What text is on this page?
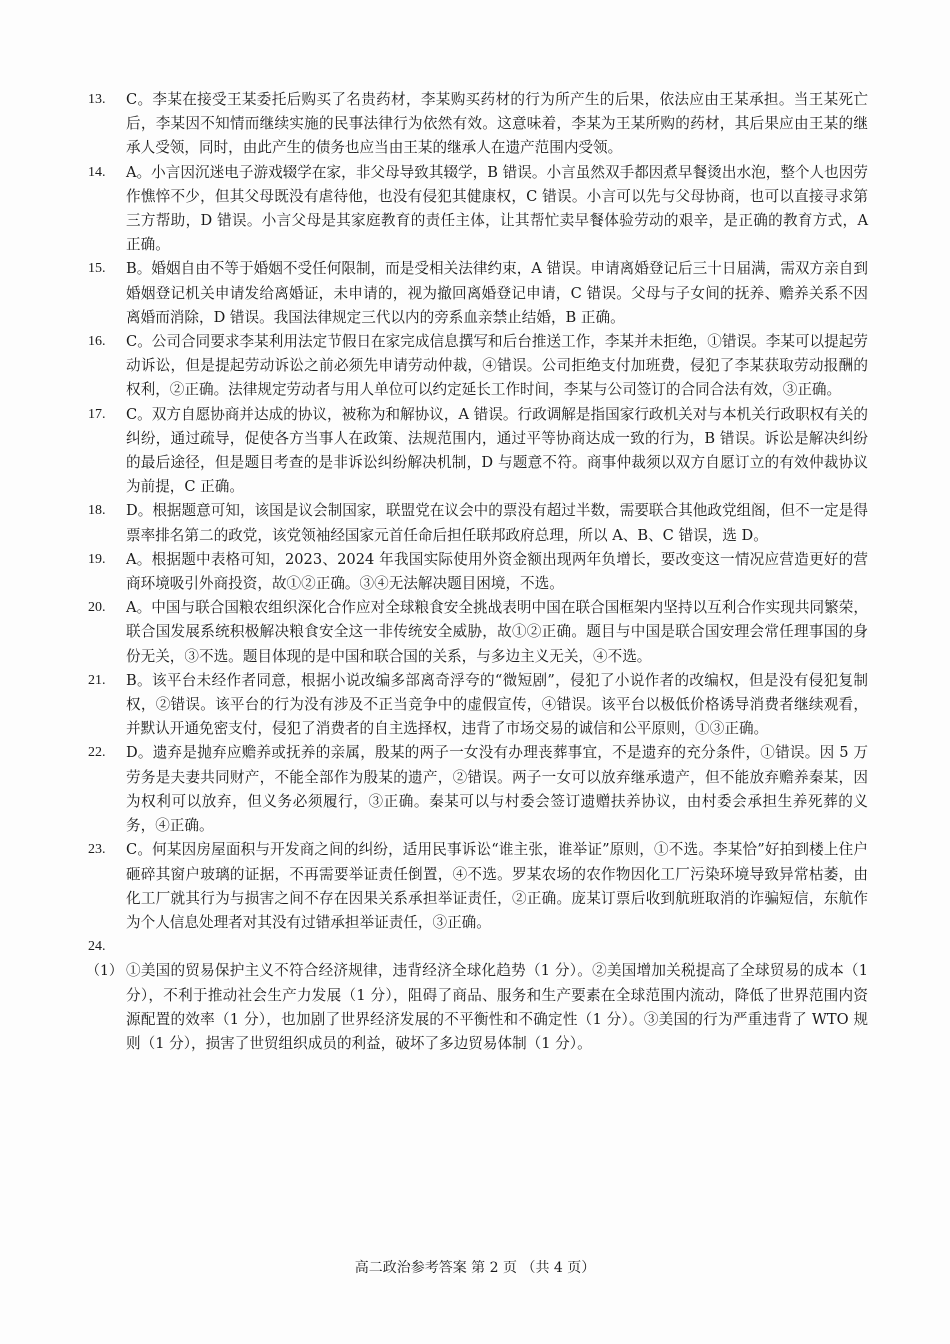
13. C。李某在接受王某委托后购买了名贵药材，李某购买药材的行为所产生的后果，依法应由王某承担。当王某死亡后，李某因不知情而继续实施的民事法律行为依然有效。这意味着，李某为王某所购的药材，其后果应由王某的继承人受领，同时，由此产生的债务也应当由王某的继承人在遗产范围内受领。
14. A。小言因沉迷电子游戏辍学在家，非父母导致其辍学，B 错误。小言虽然双手都因煮早餐烫出水泡，整个人也因劳作憔悴不少，但其父母既没有虐待他，也没有侵犯其健康权，C 错误。小言可以先与父母协商，也可以直接寻求第三方帮助，D 错误。小言父母是其家庭教育的责任主体，让其帮忙卖早餐体验劳动的艰辛，是正确的教育方式，A 正确。
15. B。婚姻自由不等于婚姻不受任何限制，而是受相关法律约束，A 错误。申请离婚登记后三十日届满，需双方亲自到婚姻登记机关申请发给离婚证，未申请的，视为撤回离婚登记申请，C 错误。父母与子女间的抚养、赡养关系不因离婚而消除，D 错误。我国法律规定三代以内的旁系血亲禁止结婚，B 正确。
16. C。公司合同要求李某利用法定节假日在家完成信息撰写和后台推送工作，李某并未拒绝，①错误。李某可以提起劳动诉讼，但是提起劳动诉讼之前必须先申请劳动仲裁，④错误。公司拒绝支付加班费，侵犯了李某获取劳动报酬的权利，②正确。法律规定劳动者与用人单位可以约定延长工作时间，李某与公司签订的合同合法有效，③正确。
17. C。双方自愿协商并达成的协议，被称为和解协议，A 错误。行政调解是指国家行政机关对与本机关行政职权有关的纠纷，通过疏导，促使各方当事人在政策、法规范围内，通过平等协商达成一致的行为，B 错误。诉讼是解决纠纷的最后途径，但是题目考查的是非诉讼纠纷解决机制，D 与题意不符。商事仲裁须以双方自愿订立的有效仲裁协议为前提，C 正确。
18. D。根据题意可知，该国是议会制国家，联盟党在议会中的票没有超过半数，需要联合其他政党组阁，但不一定是得票率排名第二的政党，该党领袖经国家元首任命后担任联邦政府总理，所以 A、B、C 错误，选 D。
19. A。根据题中表格可知，2023、2024 年我国实际使用外资金额出现两年负增长，要改变这一情况应营造更好的营商环境吸引外商投资，故①②正确。③④无法解决题目困境，不选。
20. A。中国与联合国粮农组织深化合作应对全球粮食安全挑战表明中国在联合国框架内坚持以互利合作实现共同繁荣，联合国发展系统积极解决粮食安全这一非传统安全威胁，故①②正确。题目与中国是联合国安理会常任理事国的身份无关，③不选。题目体现的是中国和联合国的关系，与多边主义无关，④不选。
21. B。该平台未经作者同意，根据小说改编多部离奇浮夸的“微短剧”，侵犯了小说作者的改编权，但是没有侵犯复制权，②错误。该平台的行为没有涉及不正当竞争中的虚假宣传，④错误。该平台以极低价格诱导消费者继续观看，并默认开通免密支付，侵犯了消费者的自主选择权，违背了市场交易的诚信和公平原则，①③正确。
22. D。遗弃是抛弃应赡养或抚养的亲属，殷某的两子一女没有办理丧葬事宜，不是遗弃的充分条件，①错误。因 5 万劳务是夫妻共同财产，不能全部作为殷某的遗产，②错误。两子一女可以放弃继承遗产，但不能放弃赡养秦某，因为权利可以放弃，但义务必须履行，③正确。秦某可以与村委会签订遗赠扶养协议，由村委会承担生养死葬的义务，④正确。
23. C。何某因房屋面积与开发商之间的纠纷，适用民事诉讼“谁主张，谁举证”原则，①不选。李某恰”好拍到楼上住户砸碎其窗户玻璃的证据，不再需要举证责任倒置，④不选。罗某农场的农作物因化工厂污染环境导致异常枯萎，由化工厂就其行为与损害之间不存在因果关系承担举证责任，②正确。庞某订票后收到航班取消的诈骗短信，东航作为个人信息处理者对其没有过错承担举证责任，③正确。
24.
（1） ①美国的贸易保护主义不符合经济规律，违背经济全球化趋势（1 分）。②美国增加关税提高了全球贸易的成本（1 分），不利于推动社会生产力发展（1 分），阻碍了商品、服务和生产要素在全球范围内流动，降低了世界范围内资源配置的效率（1 分），也加剧了世界经济发展的不平衡性和不确定性（1 分）。③美国的行为严重违背了 WTO 规则（1 分），损害了世贸组织成员的利益，破坏了多边贸易体制（1 分）。
高二政治参考答案 第 2 页 （共 4 页）
